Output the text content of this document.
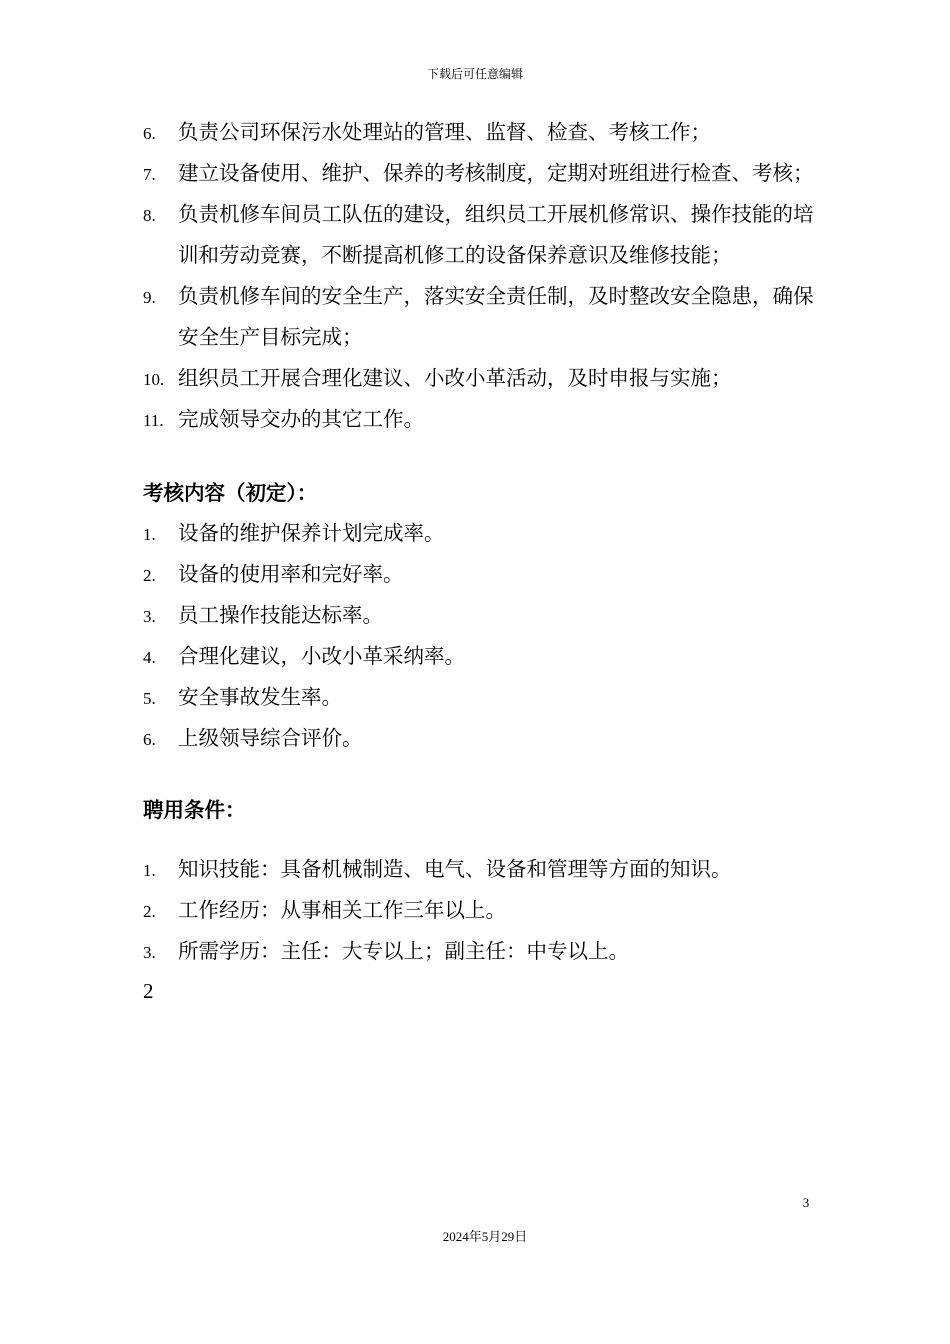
下载后可任意编辑
6. 负责公司环保污水处理站的管理、监督、检查、考核工作；
7. 建立设备使用、维护、保养的考核制度，定期对班组进行检查、考核；
8. 负责机修车间员工队伍的建设，组织员工开展机修常识、操作技能的培训和劳动竞赛，不断提高机修工的设备保养意识及维修技能；
9. 负责机修车间的安全生产，落实安全责任制，及时整改安全隐患，确保安全生产目标完成；
10. 组织员工开展合理化建议、小改小革活动，及时申报与实施；
11. 完成领导交办的其它工作。
考核内容（初定）：
1. 设备的维护保养计划完成率。
2. 设备的使用率和完好率。
3. 员工操作技能达标率。
4. 合理化建议，小改小革采纳率。
5. 安全事故发生率。
6. 上级领导综合评价。
聘用条件：
1. 知识技能：具备机械制造、电气、设备和管理等方面的知识。
2. 工作经历：从事相关工作三年以上。
3. 所需学历：主任：大专以上；副主任：中专以上。
2
3
2024年5月29日
